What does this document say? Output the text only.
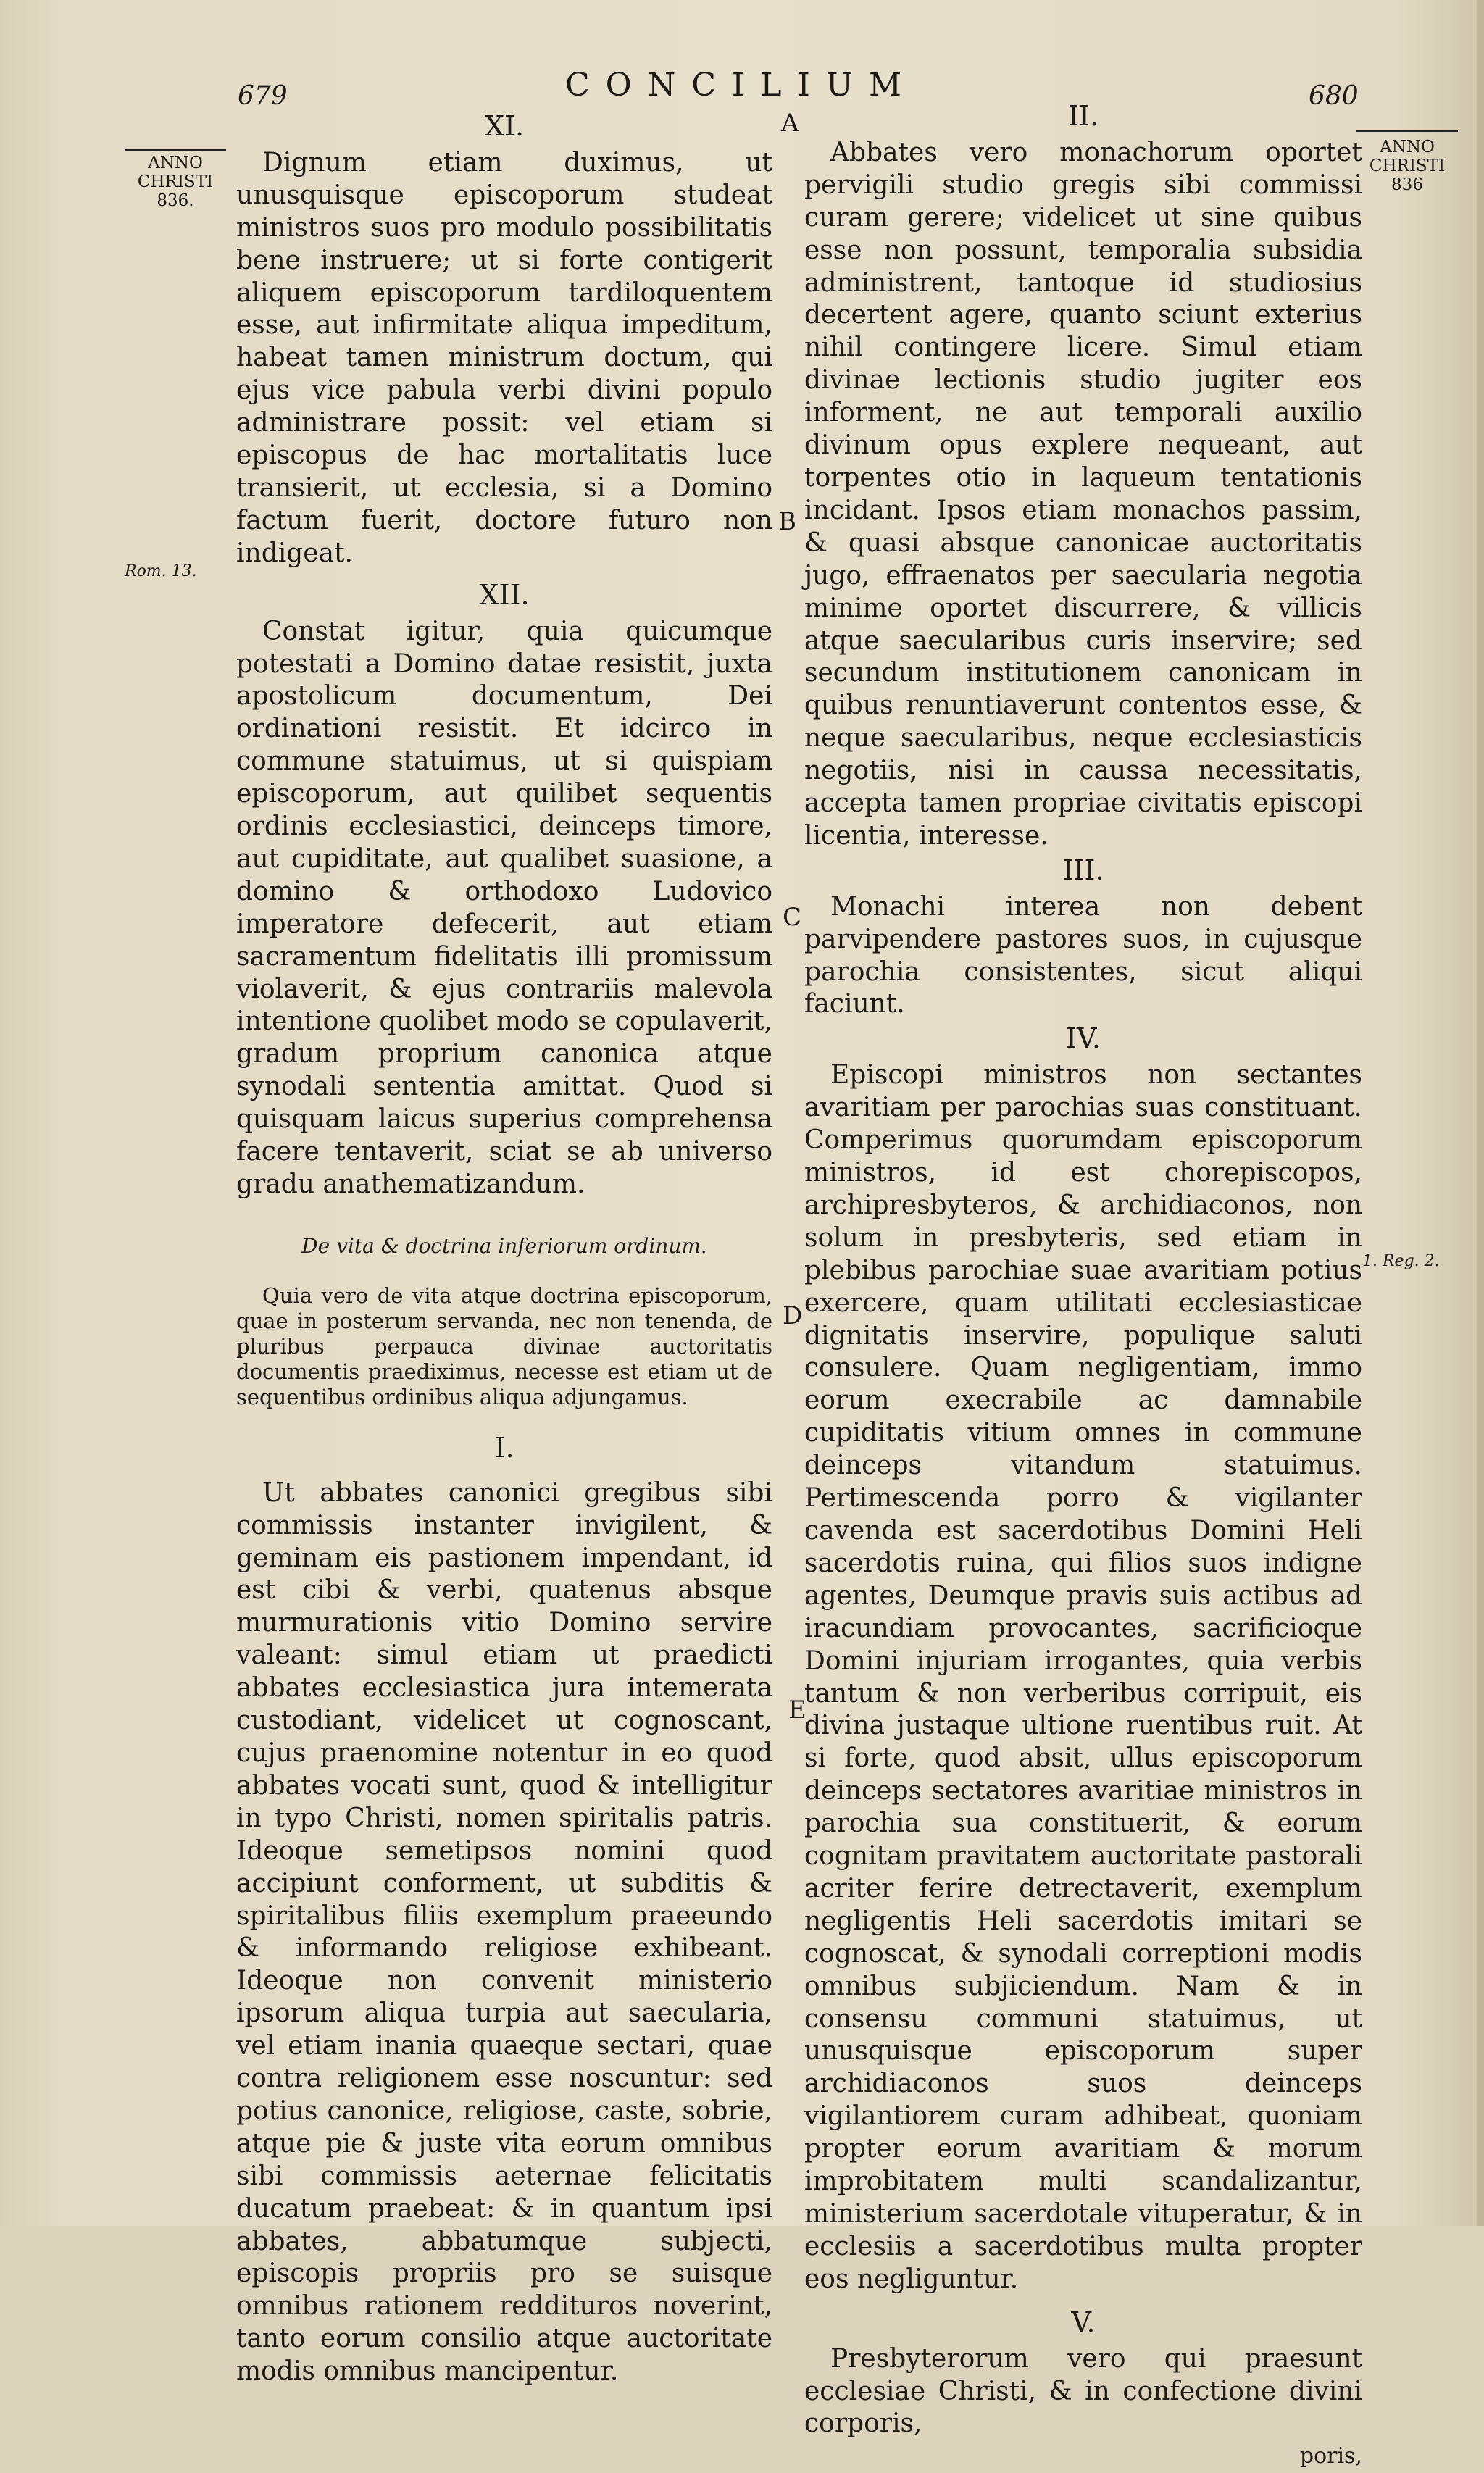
679	CONCILIUM	680
ANNO
CHRISTI
836.
ANNO
CHRISTI
836
Rom. 13.
1. Reg. 2.
A
B
C
D
E
XI.

Dignum etiam duximus, ut unusquisque episcoporum studeat ministros suos pro modulo possibilitatis bene instruere; ut si forte contigerit aliquem episcoporum tardiloquentem esse, aut infirmitate aliqua impeditum, habeat tamen ministrum doctum, qui ejus vice pabula verbi divini populo administrare possit: vel etiam si episcopus de hac mortalitatis luce transierit, ut ecclesia, si a Domino factum fuerit, doctore futuro non indigeat.

XII.

Constat igitur, quia quicumque potestati a Domino datae resistit, juxta apostolicum documentum, Dei ordinationi resistit. Et idcirco in commune statuimus, ut si quispiam episcoporum, aut quilibet sequentis ordinis ecclesiastici, deinceps timore, aut cupiditate, aut qualibet suasione, a domino & orthodoxo Ludovico imperatore defecerit, aut etiam sacramentum fidelitatis illi promissum violaverit, & ejus contrariis malevola intentione quolibet modo se copulaverit, gradum proprium canonica atque synodali sententia amittat. Quod si quisquam laicus superius comprehensa facere tentaverit, sciat se ab universo gradu anathematizandum.

De vita & doctrina inferiorum ordinum.

Quia vero de vita atque doctrina episcoporum, quae in posterum servanda, nec non tenenda, de pluribus perpauca divinae auctoritatis documentis praediximus, necesse est etiam ut de sequentibus ordinibus aliqua adjungamus.

I.

Ut abbates canonici gregibus sibi commissis instanter invigilent, & geminam eis pastionem impendant, id est cibi & verbi, quatenus absque murmurationis vitio Domino servire valeant: simul etiam ut praedicti abbates ecclesiastica jura intemerata custodiant, videlicet ut cognoscant, cujus praenomine notentur in eo quod abbates vocati sunt, quod & intelligitur in typo Christi, nomen spiritalis patris. Ideoque semetipsos nomini quod accipiunt conforment, ut subditis & spiritalibus filiis exemplum praeeundo & informando religiose exhibeant. Ideoque non convenit ministerio ipsorum aliqua turpia aut saecularia, vel etiam inania quaeque sectari, quae contra religionem esse noscuntur: sed potius canonice, religiose, caste, sobrie, atque pie & juste vita eorum omnibus sibi commissis aeternae felicitatis ducatum praebeat: & in quantum ipsi abbates, abbatumque subjecti, episcopis propriis pro se suisque omnibus rationem reddituros noverint, tanto eorum consilio atque auctoritate modis omnibus mancipentur.

II.

Abbates vero monachorum oportet pervigili studio gregis sibi commissi curam gerere; videlicet ut sine quibus esse non possunt, temporalia subsidia administrent, tantoque id studiosius decertent agere, quanto sciunt exterius nihil contingere licere. Simul etiam divinae lectionis studio jugiter eos informent, ne aut temporali auxilio divinum opus explere nequeant, aut torpentes otio in laqueum tentationis incidant. Ipsos etiam monachos passim, & quasi absque canonicae auctoritatis jugo, effraenatos per saecularia negotia minime oportet discurrere, & villicis atque saecularibus curis inservire; sed secundum institutionem canonicam in quibus renuntiaverunt contentos esse, & neque saecularibus, neque ecclesiasticis negotiis, nisi in caussa necessitatis, accepta tamen propriae civitatis episcopi licentia, interesse.

III.

Monachi interea non debent parvipendere pastores suos, in cujusque parochia consistentes, sicut aliqui faciunt.

IV.

Episcopi ministros non sectantes avaritiam per parochias suas constituant. Comperimus quorumdam episcoporum ministros, id est chorepiscopos, archipresbyteros, & archidiaconos, non solum in presbyteris, sed etiam in plebibus parochiae suae avaritiam potius exercere, quam utilitati ecclesiasticae dignitatis inservire, populique saluti consulere. Quam negligentiam, immo eorum execrabile ac damnabile cupiditatis vitium omnes in commune deinceps vitandum statuimus. Pertimescenda porro & vigilanter cavenda est sacerdotibus Domini Heli sacerdotis ruina, qui filios suos indigne agentes, Deumque pravis suis actibus ad iracundiam provocantes, sacrificioque Domini injuriam irrogantes, quia verbis tantum & non verberibus corripuit, eis divina justaque ultione ruentibus ruit. At si forte, quod absit, ullus episcoporum deinceps sectatores avaritiae ministros in parochia sua constituerit, & eorum cognitam pravitatem auctoritate pastorali acriter ferire detrectaverit, exemplum negligentis Heli sacerdotis imitari se cognoscat, & synodali correptioni modis omnibus subjiciendum. Nam & in consensu communi statuimus, ut unusquisque episcoporum super archidiaconos suos deinceps vigilantiorem curam adhibeat, quoniam propter eorum avaritiam & morum improbitatem multi scandalizantur, ministerium sacerdotale vituperatur, & in ecclesiis a sacerdotibus multa propter eos negliguntur.

V.

Presbyterorum vero qui praesunt ecclesiae Christi, & in confectione divini corporis,

poris,
